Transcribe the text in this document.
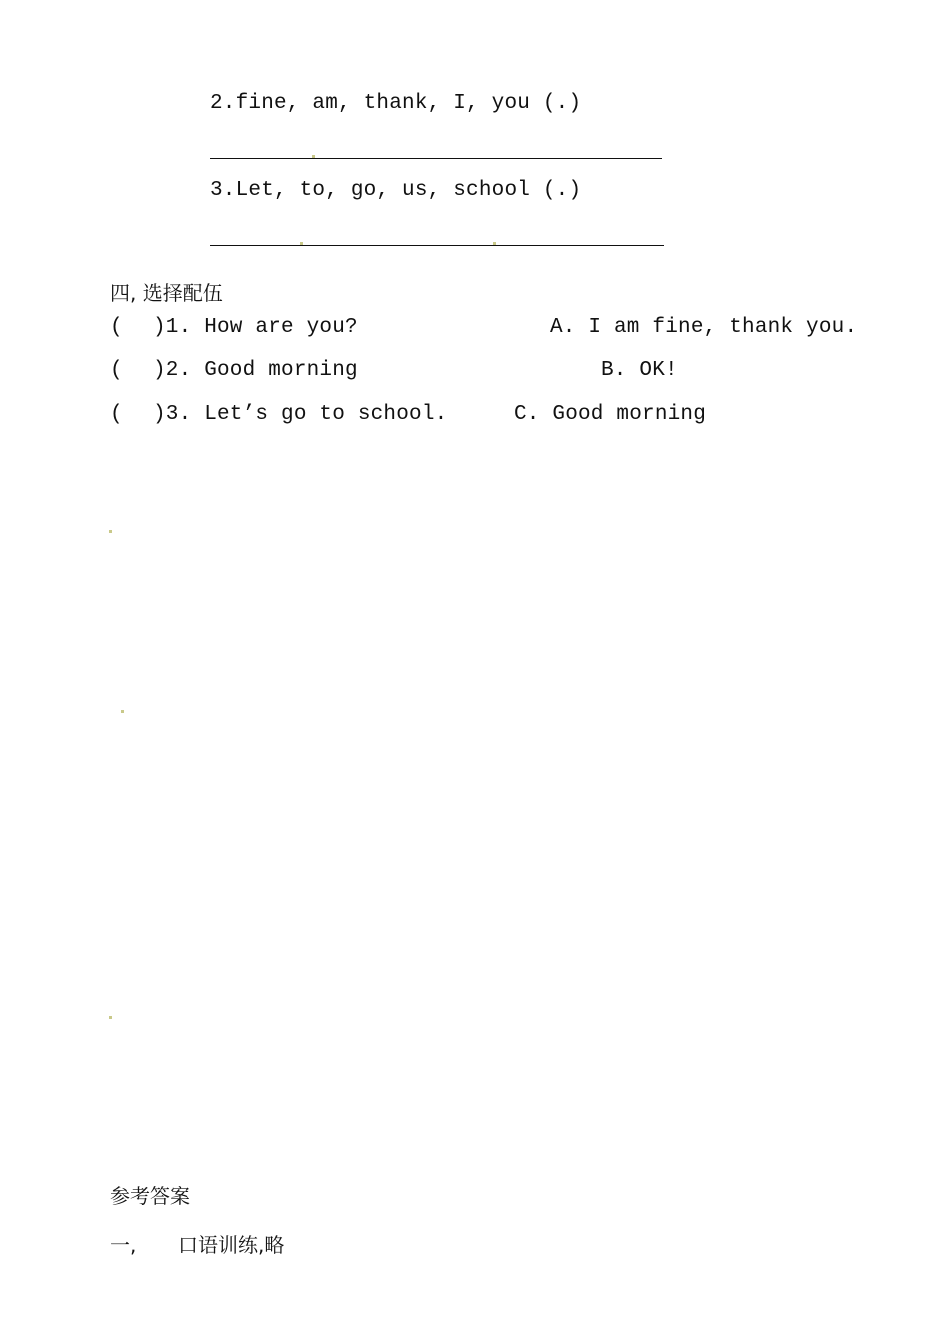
2.fine, am, thank, I, you (.)
3.Let, to, go, us, school (.)
四, 选择配伍
( )1. How are you?	A. I am fine, thank you.
( )2. Good morning	B. OK!
( )3. Let’s go to school.	C. Good morning
参考答案
一, 口语训练,略
